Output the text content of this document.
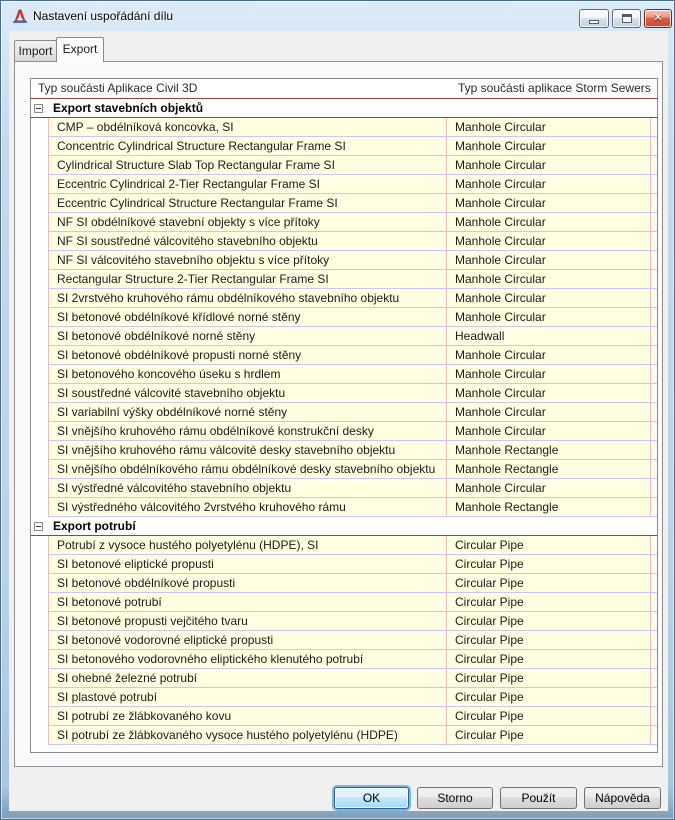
Nastavení uspořádání dílu	✕
Import Export
Typ součásti Aplikace Civil 3D	Typ součásti aplikace Storm Sewers
Export stavebních objektů
CMP – obdélníková koncovka, SI	Manhole Circular
Concentric Cylindrical Structure Rectangular Frame SI	Manhole Circular
Cylindrical Structure Slab Top Rectangular Frame SI	Manhole Circular
Eccentric Cylindrical 2-Tier Rectangular Frame SI	Manhole Circular
Eccentric Cylindrical Structure Rectangular Frame SI	Manhole Circular
NF SI obdélníkové stavební objekty s více přítoky	Manhole Circular
NF SI soustředné válcovitého stavebního objektu	Manhole Circular
NF SI válcovitého stavebního objektu s více přítoky	Manhole Circular
Rectangular Structure 2-Tier Rectangular Frame SI	Manhole Circular
SI 2vrstvého kruhového rámu obdélníkového stavebního objektu	Manhole Circular
SI betonové obdélníkové křídlové norné stěny	Manhole Circular
SI betonové obdélníkové norné stěny	Headwall
SI betonové obdélníkové propusti norné stěny	Manhole Circular
SI betonového koncového úseku s hrdlem	Manhole Circular
SI soustředné válcovité stavebního objektu	Manhole Circular
SI variabilní výšky obdélníkové norné stěny	Manhole Circular
SI vnějšího kruhového rámu obdélníkové konstrukční desky	Manhole Circular
SI vnějšího kruhového rámu válcovité desky stavebního objektu	Manhole Rectangle
SI vnějšího obdélníkového rámu obdélníkové desky stavebního objektu	Manhole Rectangle
SI výstředné válcovitého stavebního objektu	Manhole Circular
SI výstředného válcovitého 2vrstvého kruhového rámu	Manhole Rectangle
Export potrubí
Potrubí z vysoce hustého polyetylénu (HDPE), SI	Circular Pipe
SI betonové eliptické propusti	Circular Pipe
SI betonové obdélníkové propusti	Circular Pipe
SI betonové potrubí	Circular Pipe
SI betonové propusti vejčitého tvaru	Circular Pipe
SI betonové vodorovné eliptické propusti	Circular Pipe
SI betonového vodorovného eliptického klenutého potrubí	Circular Pipe
SI ohebné železné potrubí	Circular Pipe
SI plastové potrubí	Circular Pipe
SI potrubí ze žlábkovaného kovu	Circular Pipe
SI potrubí ze žlábkovaného vysoce hustého polyetylénu (HDPE)	Circular Pipe
OK	Storno	Použít	Nápověda
